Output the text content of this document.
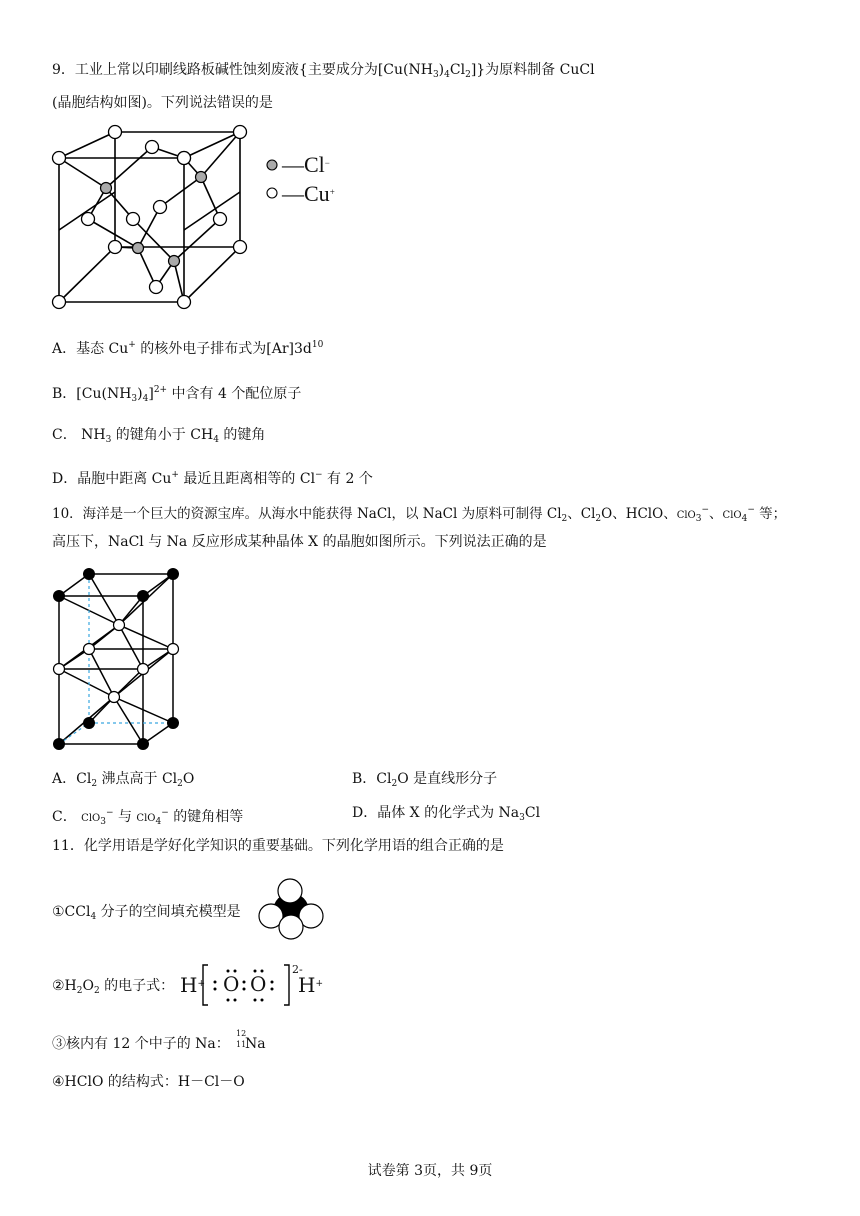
9．工业上常以印刷线路板碱性蚀刻废液{主要成分为$[Cu(NH_3)_4Cl_2]$}为原料制备 CuCl
(晶胞结构如图)。下列说法错误的是
—Cl−
—Cu+
A．基态 Cu+ 的核外电子排布式为$[Ar]3d^{10}$
B．$[Cu(NH_3)_4]^{2+}$ 中含有 4 个配位原子
C． $NH_3$ 的键角小于 $CH_4$ 的键角
D．晶胞中距离 Cu+ 最近且距离相等的 Cl− 有 2 个
10．海洋是一个巨大的资源宝库。从海水中能获得 NaCl，以 NaCl 为原料可制得 $Cl_2$、$Cl_2O$、HClO、ClO$_3$−、ClO$_4$− 等；
高压下，NaCl 与 Na 反应形成某种晶体 X 的晶胞如图所示。下列说法正确的是
A．$Cl_2$ 沸点高于 $Cl_2O$	B．$Cl_2O$ 是直线形分子
C． ClO$_3$− 与 ClO$_4$− 的键角相等	D．晶体 X 的化学式为 $Na_3Cl$
11．化学用语是学好化学知识的重要基础。下列化学用语的组合正确的是
①CCl$_4$ 分子的空间填充模型是
$②H_2O_2$ 的电子式： H+ O O
2-
H+
③核内有 12 个中子的 Na：
12
11
Na
④HClO 的结构式：H－Cl－O
试卷第 3页，共 9页
